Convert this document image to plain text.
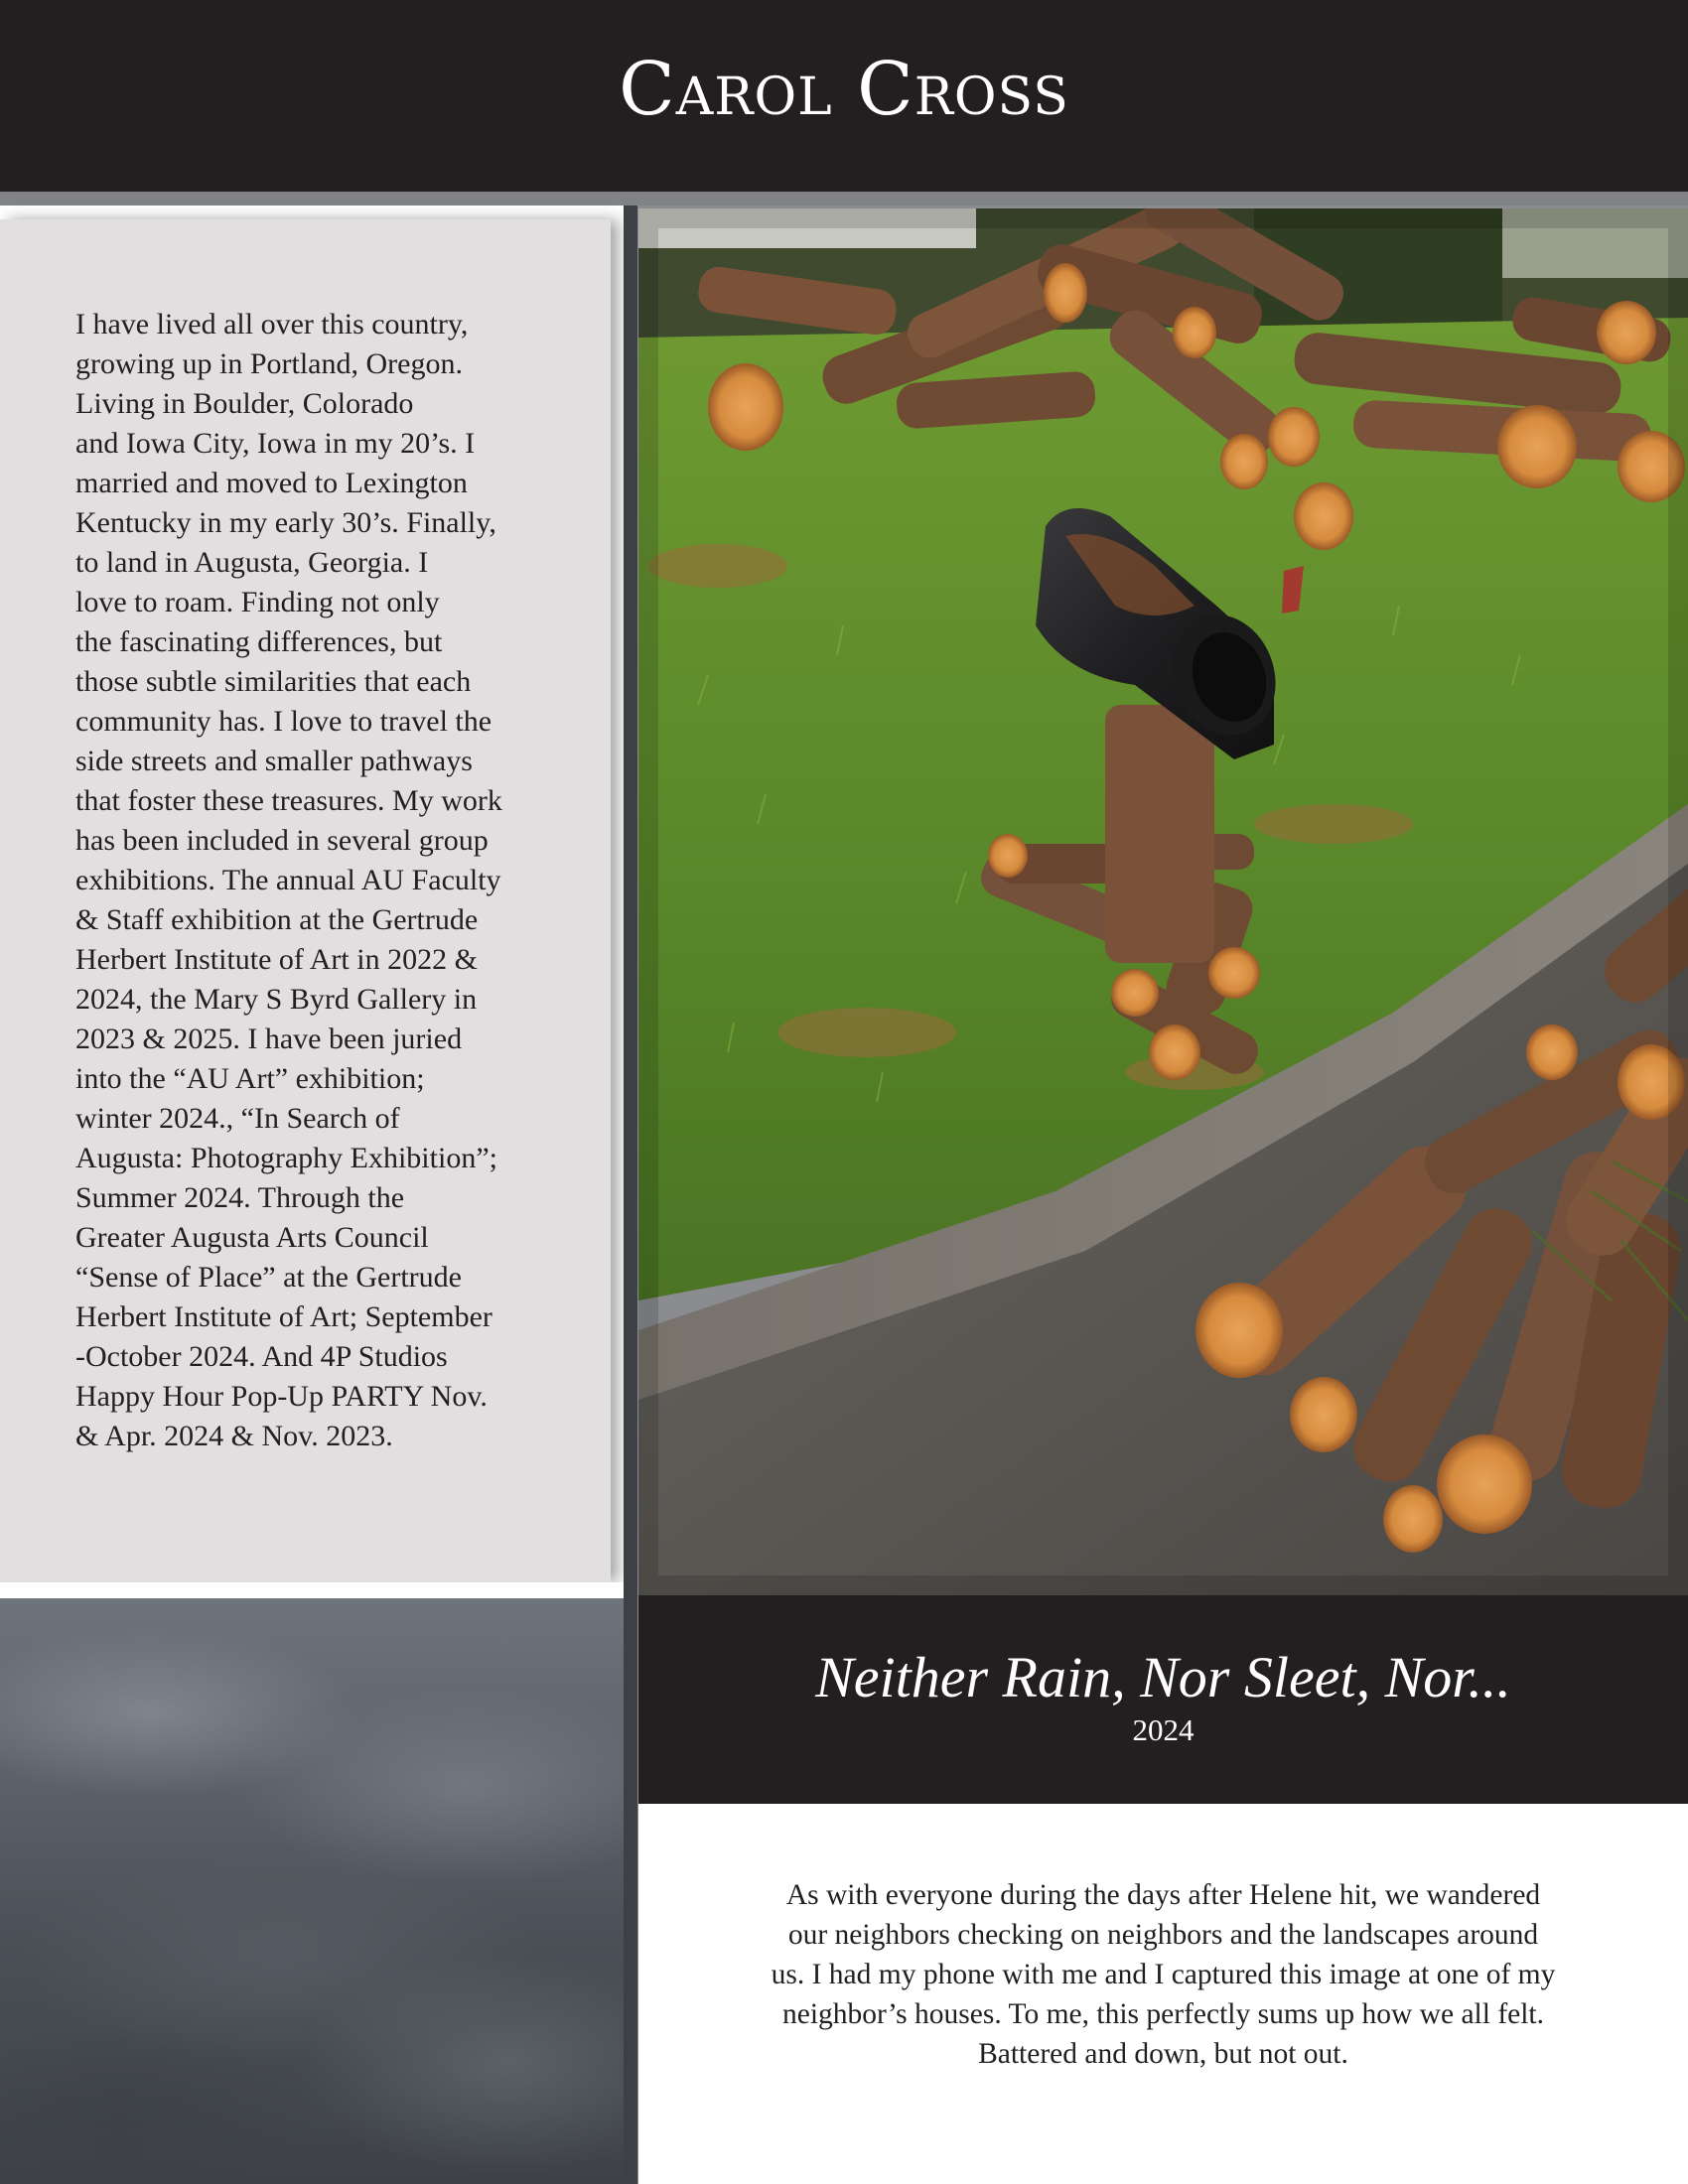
Carol Cross
I have lived all over this country,
growing up in Portland, Oregon.
Living in Boulder, Colorado
and Iowa City, Iowa in my 20’s. I
married and moved to Lexington
Kentucky in my early 30’s. Finally,
to land in Augusta, Georgia. I
love to roam. Finding not only
the fascinating differences, but
those subtle similarities that each
community has. I love to travel the
side streets and smaller pathways
that foster these treasures. My work
has been included in several group
exhibitions. The annual AU Faculty
& Staff exhibition at the Gertrude
Herbert Institute of Art in 2022 &
2024, the Mary S Byrd Gallery in
2023 & 2025. I have been juried
into the “AU Art” exhibition;
winter 2024., “In Search of
Augusta: Photography Exhibition”;
Summer 2024. Through the
Greater Augusta Arts Council
“Sense of Place” at the Gertrude
Herbert Institute of Art; September
-October 2024. And 4P Studios
Happy Hour Pop-Up PARTY Nov.
& Apr. 2024 & Nov. 2023.
Neither Rain, Nor Sleet, Nor...
2024
As with everyone during the days after Helene hit, we wandered
our neighbors checking on neighbors and the landscapes around
us. I had my phone with me and I captured this image at one of my
neighbor’s houses. To me, this perfectly sums up how we all felt.
Battered and down, but not out.
